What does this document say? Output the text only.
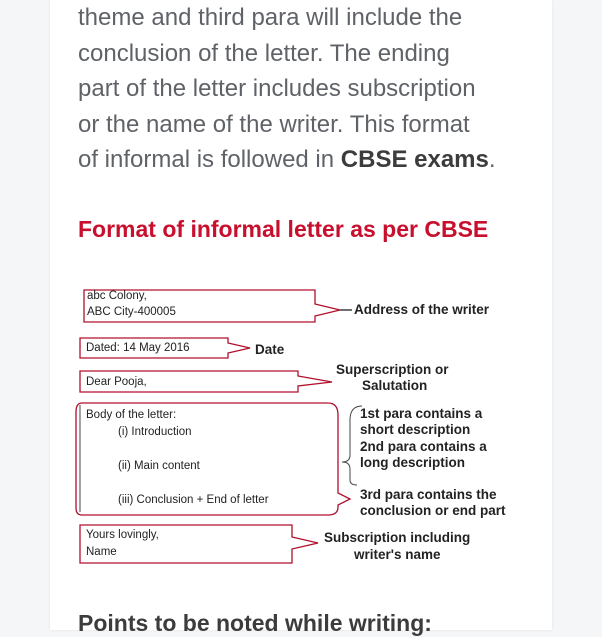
theme and third para will include the
conclusion of the letter. The ending
part of the letter includes subscription
or the name of the writer. This format
of informal is followed in CBSE exams.

Format of informal letter as per CBSE
abc Colony,
ABC City-400005	Address of the writer
Dated: 14 May 2016	Date
Dear Pooja,
Superscription or
Salutation
Body of the letter:
(i) Introduction
(ii) Main content
(iii) Conclusion + End of letter
1st para contains a
short description
2nd para contains a
long description
3rd para contains the
conclusion or end part
Yours lovingly,
Name
Subscription including
writer's name
Points to be noted while writing:
